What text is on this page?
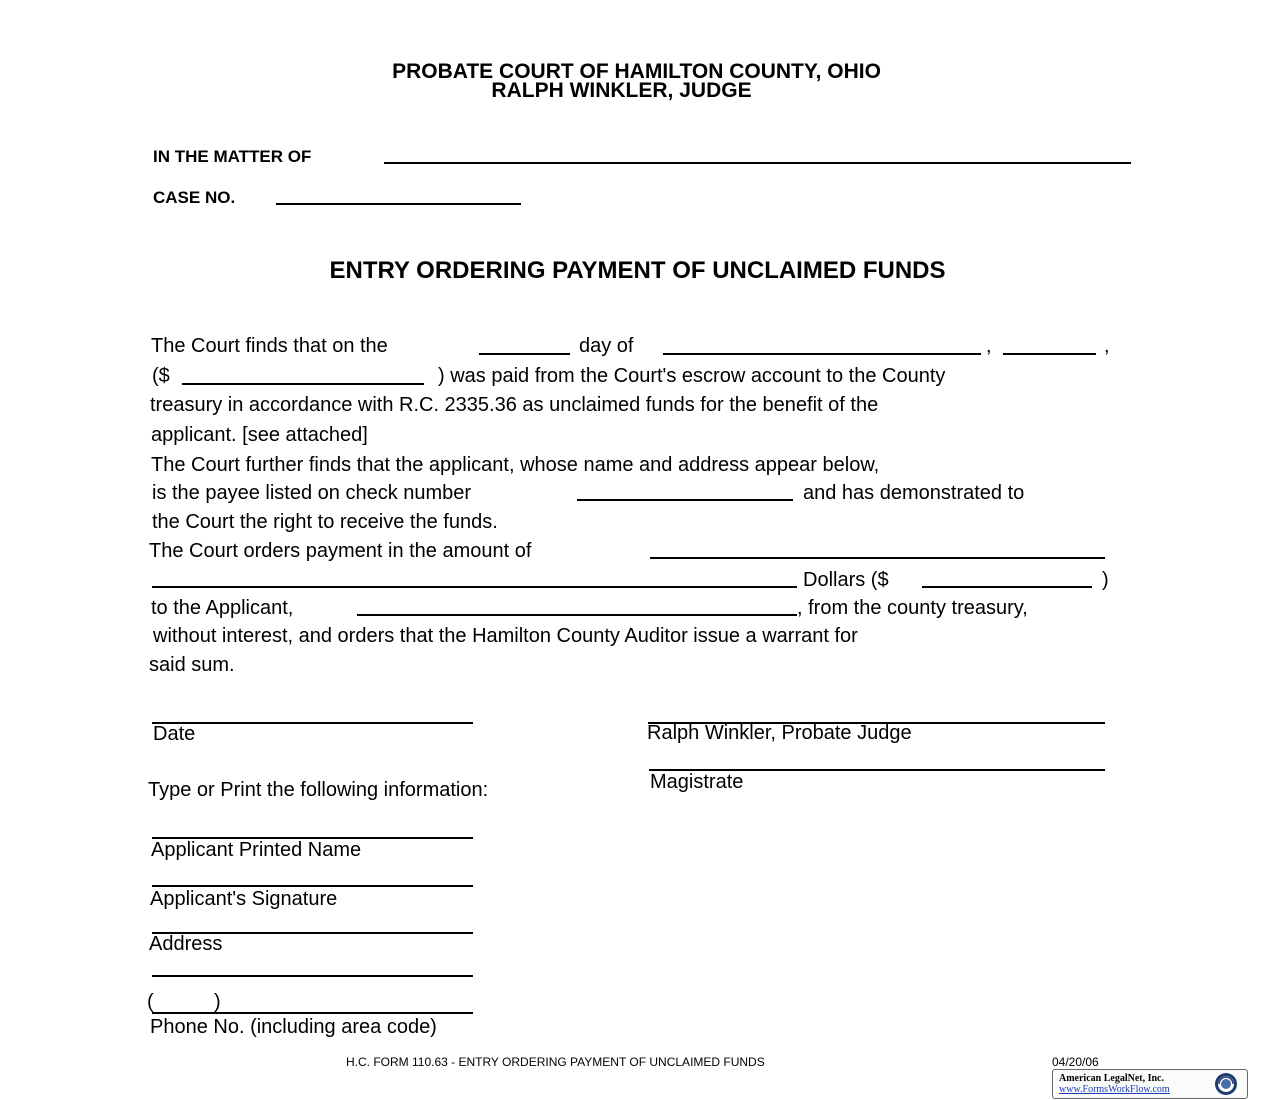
PROBATE COURT OF HAMILTON COUNTY, OHIO
RALPH WINKLER, JUDGE
IN THE MATTER OF
CASE NO.
ENTRY ORDERING PAYMENT OF UNCLAIMED FUNDS
The Court finds that on the	day of	,	,
($	) was paid from the Court's escrow account to the County
treasury in accordance with R.C. 2335.36 as unclaimed funds for the benefit of the
applicant. [see attached]
The Court further finds that the applicant, whose name and address appear below,
is the payee listed on check number	and has demonstrated to
the Court the right to receive the funds.
The Court orders payment in the amount of
Dollars ($	)
to the Applicant,	, from the county treasury,
without interest, and orders that the Hamilton County Auditor issue a warrant for
said sum.
Date	Ralph Winkler, Probate Judge
Magistrate
Type or Print the following information:
Applicant Printed Name
Applicant's Signature
Address
(	)
Phone No. (including area code)
H.C. FORM 110.63 - ENTRY ORDERING PAYMENT OF UNCLAIMED FUNDS	04/20/06
American LegalNet, Inc.
www.FormsWorkFlow.com
